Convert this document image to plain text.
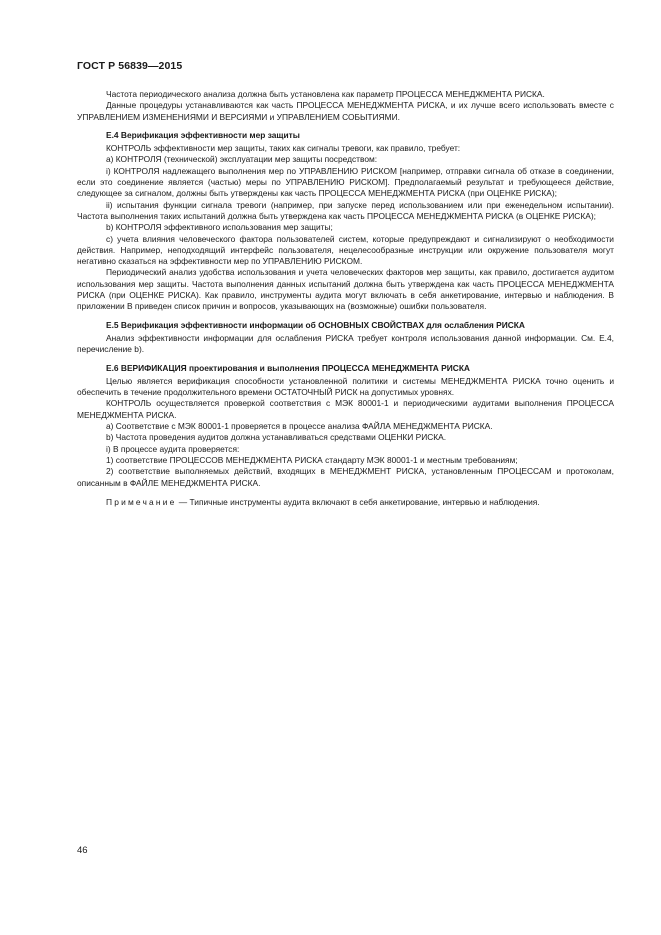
ГОСТ Р 56839—2015

Частота периодического анализа должна быть установлена как параметр ПРОЦЕССА МЕНЕДЖМЕНТА РИСКА.

Данные процедуры устанавливаются как часть ПРОЦЕССА МЕНЕДЖМЕНТА РИСКА, и их лучше всего использовать вместе с УПРАВЛЕНИЕМ ИЗМЕНЕНИЯМИ И ВЕРСИЯМИ и УПРАВЛЕНИЕМ СОБЫТИЯМИ.

Е.4 Верификация эффективности мер защиты

КОНТРОЛЬ эффективности мер защиты, таких как сигналы тревоги, как правило, требует:

а) КОНТРОЛЯ (технической) эксплуатации мер защиты посредством:

i) КОНТРОЛЯ надлежащего выполнения мер по УПРАВЛЕНИЮ РИСКОМ [например, отправки сигнала об отказе в соединении, если это соединение является (частью) меры по УПРАВЛЕНИЮ РИСКОМ]. Предполагаемый результат и требующееся действие, следующее за сигналом, должны быть утверждены как часть ПРОЦЕССА МЕНЕДЖМЕНТА РИСКА (при ОЦЕНКЕ РИСКА);

ii) испытания функции сигнала тревоги (например, при запуске перед использованием или при еженедельном испытании). Частота выполнения таких испытаний должна быть утверждена как часть ПРОЦЕССА МЕНЕДЖМЕНТА РИСКА (в ОЦЕНКЕ РИСКА);

b) КОНТРОЛЯ эффективного использования мер защиты;

с) учета влияния человеческого фактора пользователей систем, которые предупреждают и сигнализируют о необходимости действия. Например, неподходящий интерфейс пользователя, нецелесообразные инструкции или окружение пользователя могут негативно сказаться на эффективности мер по УПРАВЛЕНИЮ РИСКОМ.

Периодический анализ удобства использования и учета человеческих факторов мер защиты, как правило, достигается аудитом использования мер защиты. Частота выполнения данных испытаний должна быть утверждена как часть ПРОЦЕССА МЕНЕДЖМЕНТА РИСКА (при ОЦЕНКЕ РИСКА). Как правило, инструменты аудита могут включать в себя анкетирование, интервью и наблюдения. В приложении В приведен список причин и вопросов, указывающих на (возможные) ошибки пользователя.

Е.5 Верификация эффективности информации об ОСНОВНЫХ СВОЙСТВАХ для ослабления РИСКА

Анализ эффективности информации для ослабления РИСКА требует контроля использования данной информации. См. Е.4, перечисление b).

Е.6 ВЕРИФИКАЦИЯ проектирования и выполнения ПРОЦЕССА МЕНЕДЖМЕНТА РИСКА

Целью является верификация способности установленной политики и системы МЕНЕДЖМЕНТА РИСКА точно оценить и обеспечить в течение продолжительного времени ОСТАТОЧНЫЙ РИСК на допустимых уровнях.

КОНТРОЛЬ осуществляется проверкой соответствия с МЭК 80001-1 и периодическими аудитами выполнения ПРОЦЕССА МЕНЕДЖМЕНТА РИСКА.

а) Соответствие с МЭК 80001-1 проверяется в процессе анализа ФАЙЛА МЕНЕДЖМЕНТА РИСКА.

b) Частота проведения аудитов должна устанавливаться средствами ОЦЕНКИ РИСКА.

i) В процессе аудита проверяется:

1) соответствие ПРОЦЕССОВ МЕНЕДЖМЕНТА РИСКА стандарту МЭК 80001-1 и местным требованиям;

2) соответствие выполняемых действий, входящих в МЕНЕДЖМЕНТ РИСКА, установленным ПРОЦЕССАМ и протоколам, описанным в ФАЙЛЕ МЕНЕДЖМЕНТА РИСКА.

Примечание — Типичные инструменты аудита включают в себя анкетирование, интервью и наблюдения.

46
